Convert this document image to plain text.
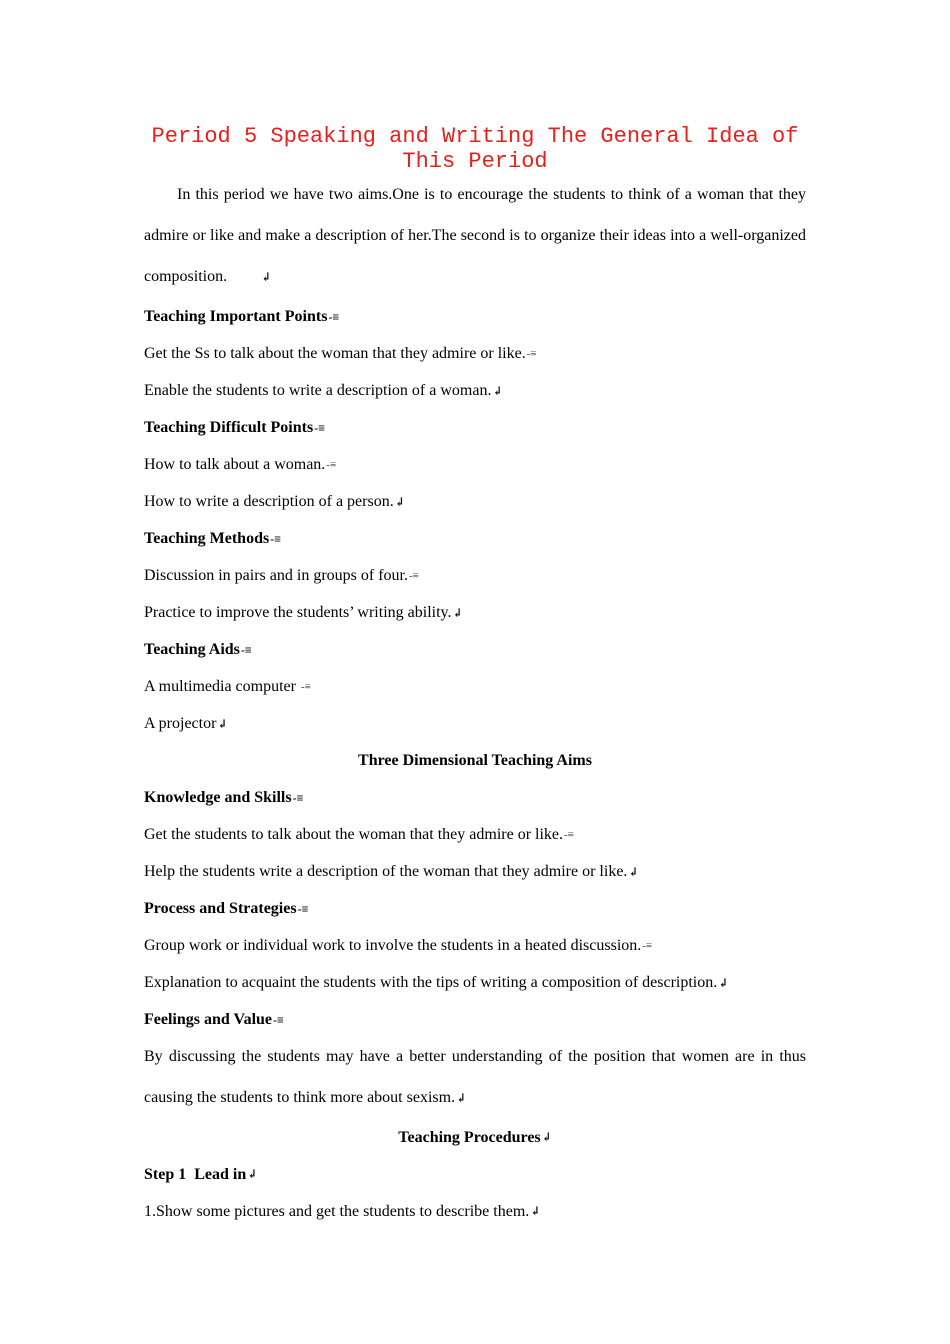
Period 5 Speaking and Writing The General Idea of This Period

In this period we have two aims.One is to encourage the students to think of a woman that they admire or like and make a description of her.The second is to organize their ideas into a well-organized composition.	↲

Teaching Important Points-≡
Get the Ss to talk about the woman that they admire or like.-≡
Enable the students to write a description of a woman.↲
Teaching Difficult Points-≡
How to talk about a woman.-≡
How to write a description of a person.↲
Teaching Methods-≡
Discussion in pairs and in groups of four.-≡
Practice to improve the students’ writing ability.↲
Teaching Aids-≡
A multimedia computer -≡
A projector↲
Three Dimensional Teaching Aims
Knowledge and Skills-≡
Get the students to talk about the woman that they admire or like.-≡
Help the students write a description of the woman that they admire or like.↲
Process and Strategies-≡
Group work or individual work to involve the students in a heated discussion.-≡
Explanation to acquaint the students with the tips of writing a composition of description.↲
Feelings and Value-≡

By discussing the students may have a better understanding of the position that women are in thus causing the students to think more about sexism.↲

Teaching Procedures↲
Step 1  Lead in↲
1.Show some pictures and get the students to describe them.↲
